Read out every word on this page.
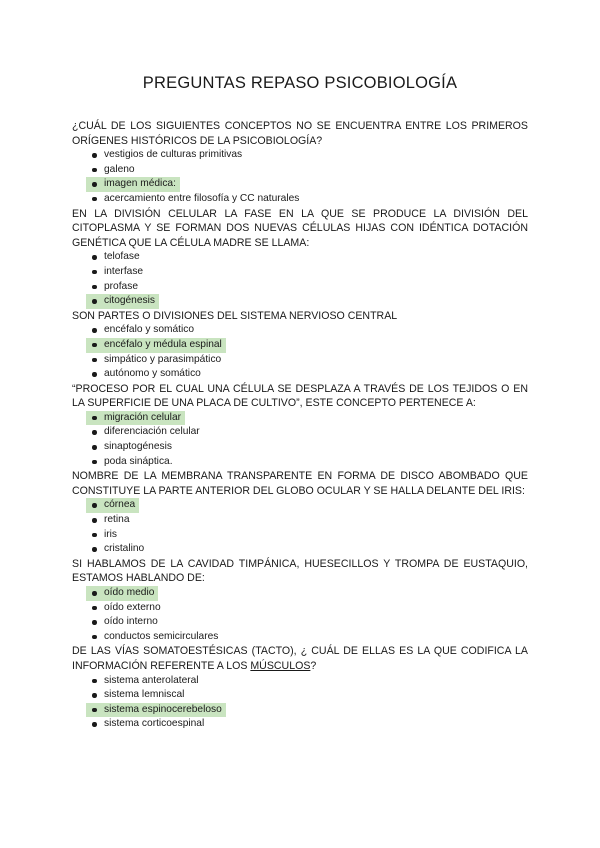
PREGUNTAS REPASO PSICOBIOLOGÍA

¿CUÁL DE LOS SIGUIENTES CONCEPTOS NO SE ENCUENTRA ENTRE LOS PRIMEROS ORÍGENES HISTÓRICOS DE LA PSICOBIOLOGÍA?

vestigios de culturas primitivas
galeno
imagen médica:
acercamiento entre filosofía y CC naturales

EN LA DIVISIÓN CELULAR LA FASE EN LA QUE SE PRODUCE LA DIVISIÓN DEL CITOPLASMA Y SE FORMAN DOS NUEVAS CÉLULAS HIJAS CON IDÉNTICA DOTACIÓN GENÉTICA QUE LA CÉLULA MADRE SE LLAMA:

telofase
interfase
profase
citogénesis

SON PARTES O DIVISIONES DEL SISTEMA NERVIOSO CENTRAL

encéfalo y somático
encéfalo y médula espinal
simpático y parasimpático
autónomo y somático

“PROCESO POR EL CUAL UNA CÉLULA SE DESPLAZA A TRAVÉS DE LOS TEJIDOS O EN LA SUPERFICIE DE UNA PLACA DE CULTIVO”, ESTE CONCEPTO PERTENECE A:

migración celular
diferenciación celular
sinaptogénesis
poda sináptica.

NOMBRE DE LA MEMBRANA TRANSPARENTE EN FORMA DE DISCO ABOMBADO QUE CONSTITUYE LA PARTE ANTERIOR DEL GLOBO OCULAR Y SE HALLA DELANTE DEL IRIS:

córnea
retina
iris
cristalino

SI HABLAMOS DE LA CAVIDAD TIMPÁNICA, HUESECILLOS Y TROMPA DE EUSTAQUIO, ESTAMOS HABLANDO DE:

oído medio
oído externo
oído interno
conductos semicirculares

DE LAS VÍAS SOMATOESTÉSICAS (TACTO), ¿ CUÁL DE ELLAS ES LA QUE CODIFICA LA INFORMACIÓN REFERENTE A LOS MÚSCULOS?

sistema anterolateral
sistema lemniscal
sistema espinocerebeloso
sistema corticoespinal
